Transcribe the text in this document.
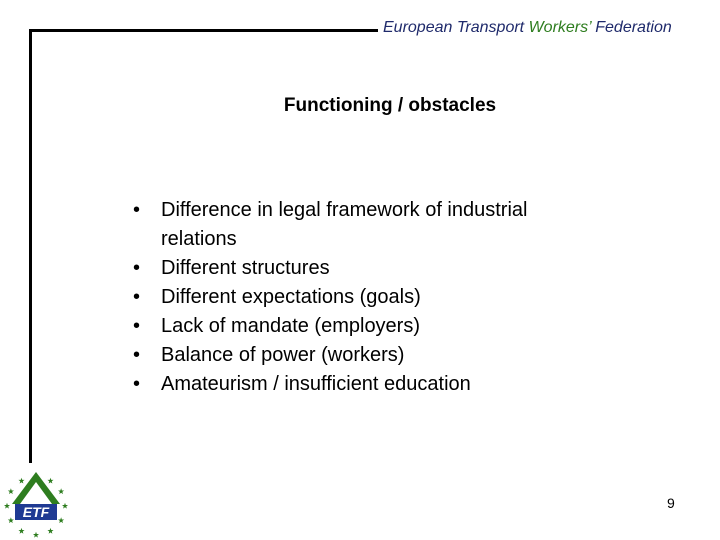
European Transport Workers’ Federation
Functioning / obstacles
• Difference in legal framework of industrial relations
• Different structures
• Different expectations (goals)
• Lack of mandate (employers)
• Balance of power (workers)
• Amateurism / insufficient education
9
ETF
